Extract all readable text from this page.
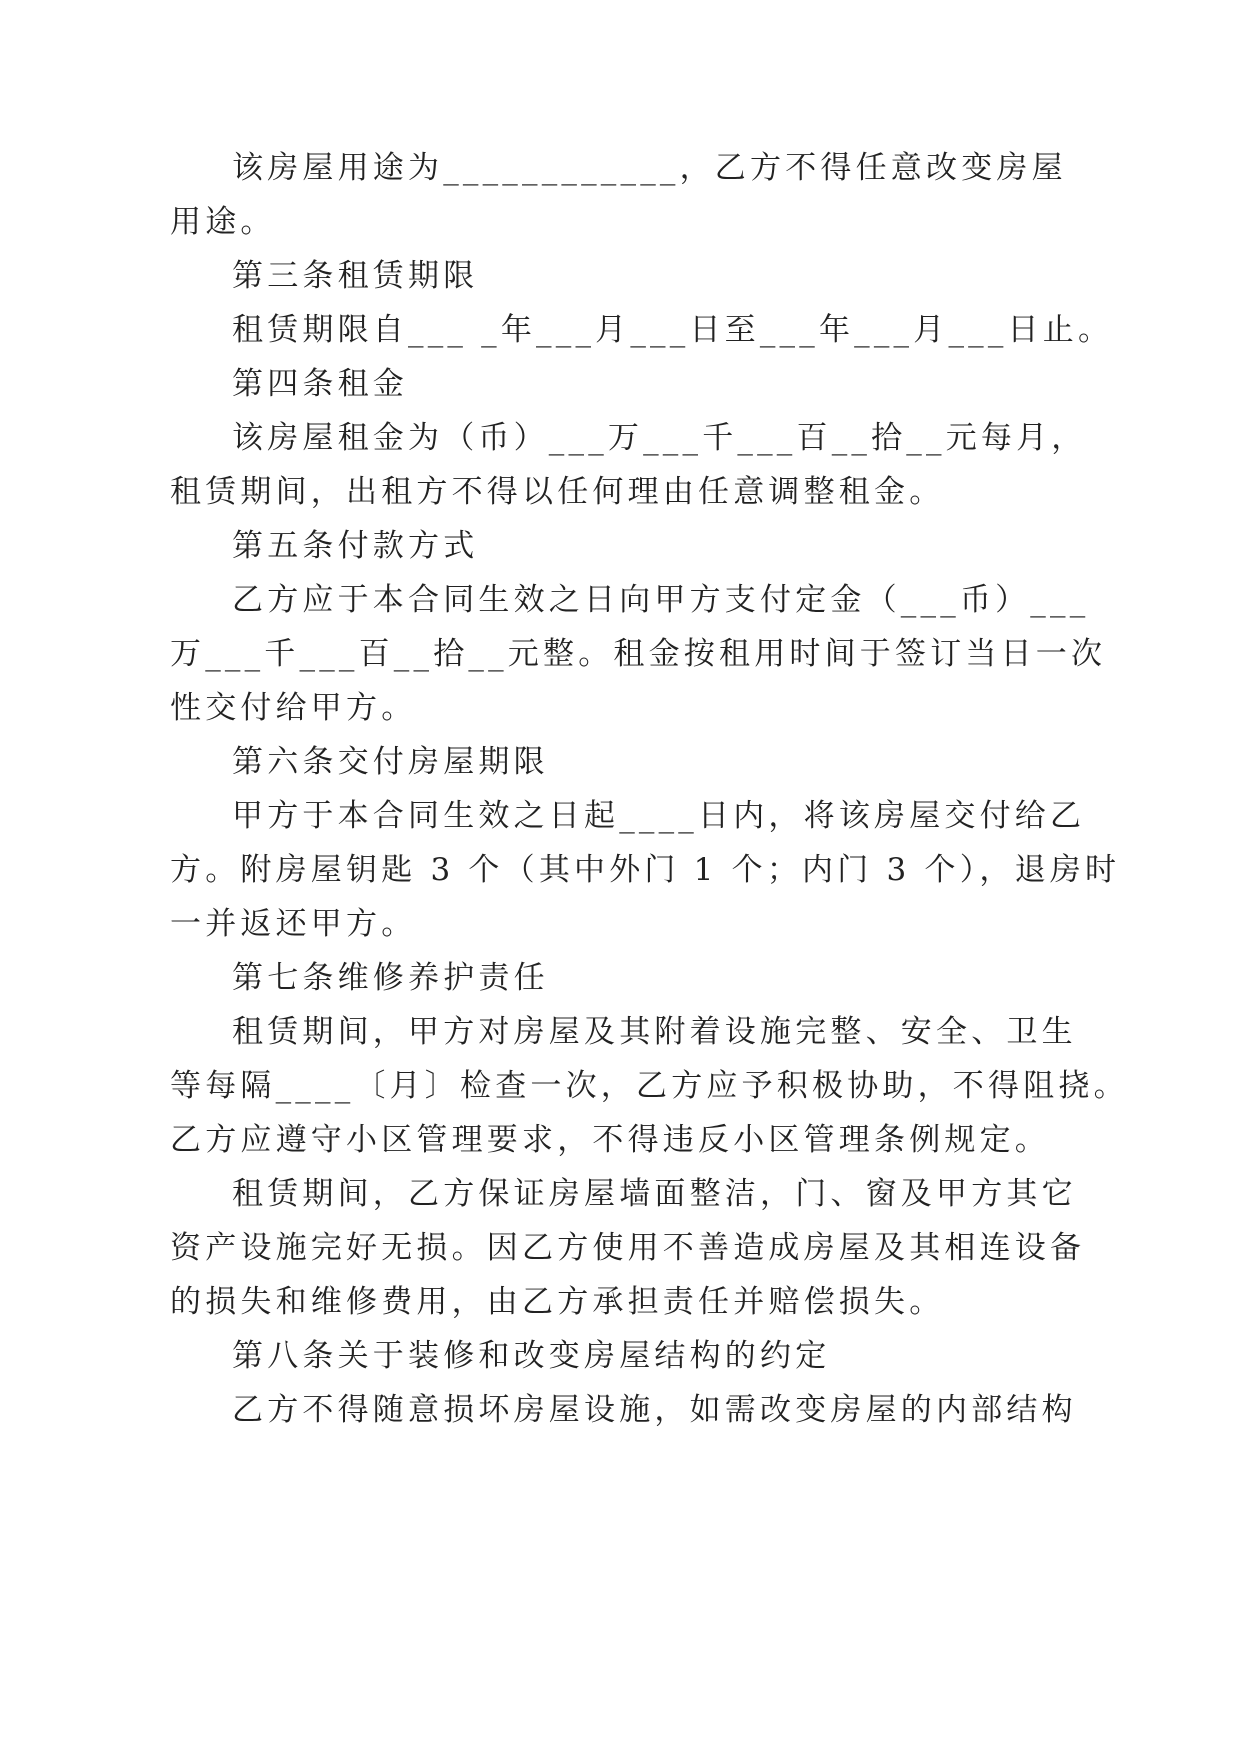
该房屋用途为____________，乙方不得任意改变房屋
用途。
第三条租赁期限
租赁期限自___ _年___月___日至___年___月___日止。
第四条租金
该房屋租金为（币）___万___千___百__拾__元每月，
租赁期间，出租方不得以任何理由任意调整租金。
第五条付款方式
乙方应于本合同生效之日向甲方支付定金（___币）___
万___千___百__拾__元整。租金按租用时间于签订当日一次
性交付给甲方。
第六条交付房屋期限
甲方于本合同生效之日起____日内，将该房屋交付给乙
方。附房屋钥匙 3 个（其中外门 1 个；内门 3 个），退房时
一并返还甲方。
第七条维修养护责任
租赁期间，甲方对房屋及其附着设施完整、安全、卫生
等每隔____〔月〕检查一次，乙方应予积极协助，不得阻挠。
乙方应遵守小区管理要求，不得违反小区管理条例规定。
租赁期间，乙方保证房屋墙面整洁，门、窗及甲方其它
资产设施完好无损。因乙方使用不善造成房屋及其相连设备
的损失和维修费用，由乙方承担责任并赔偿损失。
第八条关于装修和改变房屋结构的约定
乙方不得随意损坏房屋设施，如需改变房屋的内部结构
